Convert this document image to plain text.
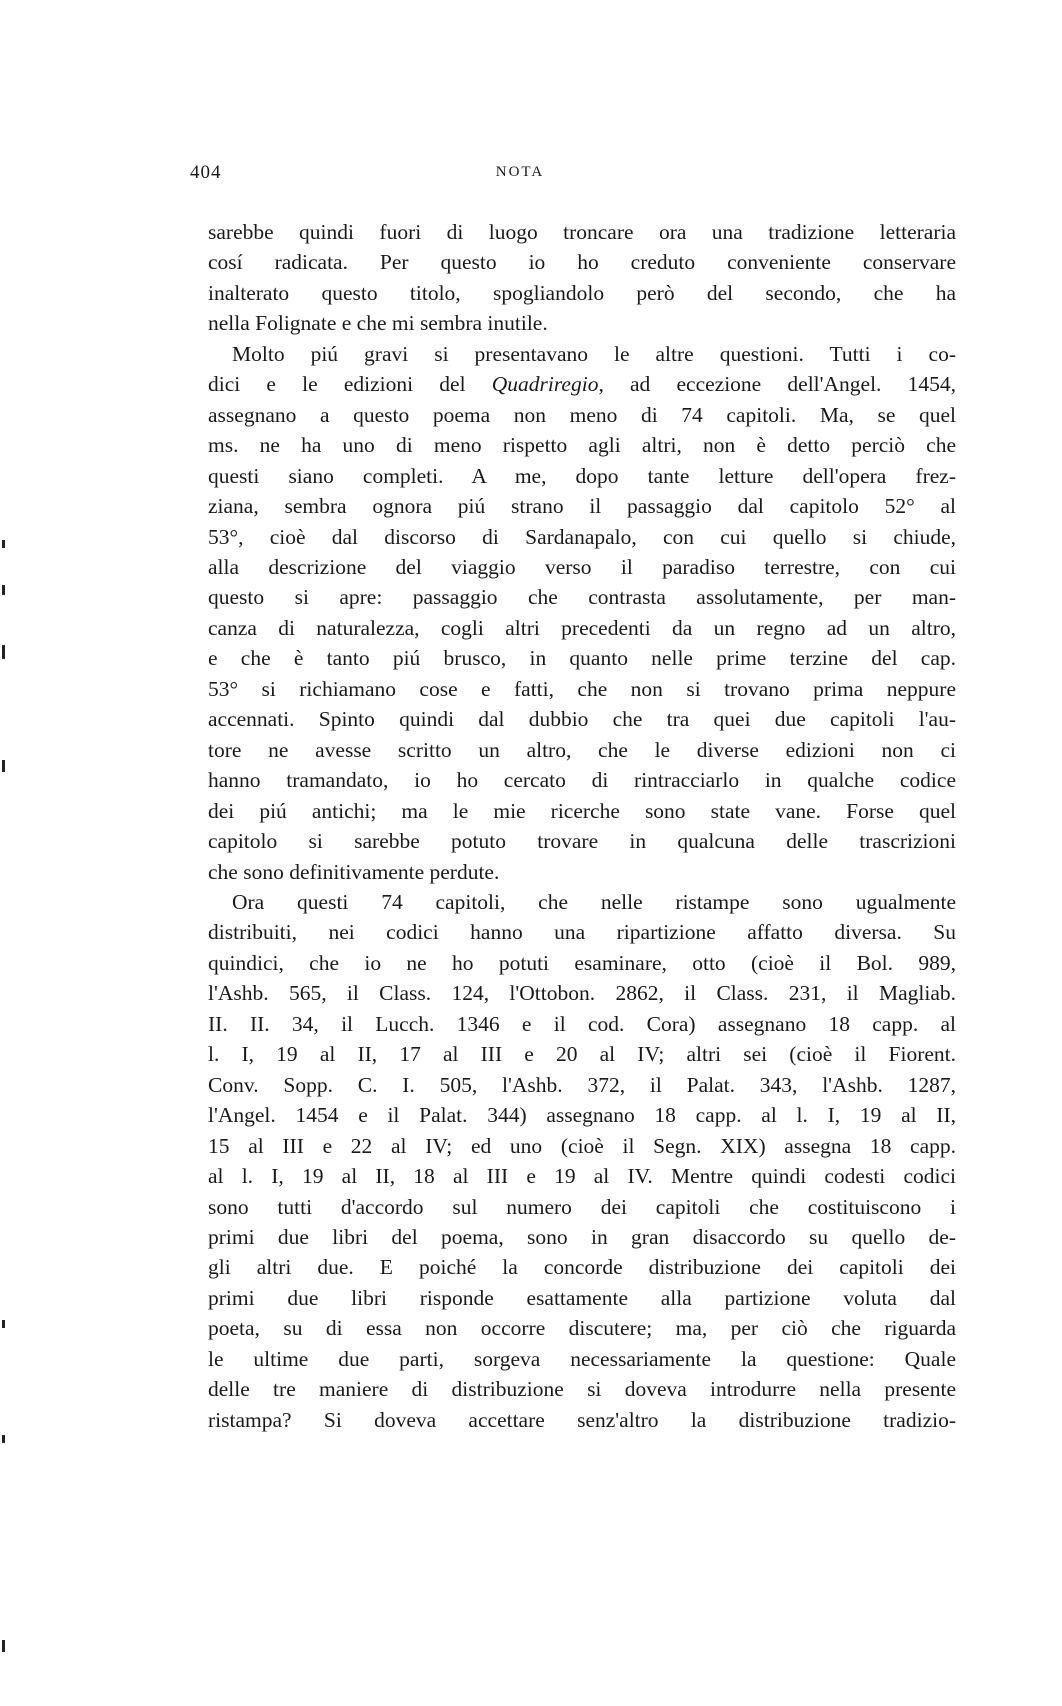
404	NOTA
sarebbe quindi fuori di luogo troncare ora una tradizione letteraria
cosí radicata. Per questo io ho creduto conveniente conservare
inalterato questo titolo, spogliandolo però del secondo, che ha
nella Folignate e che mi sembra inutile.
Molto piú gravi si presentavano le altre questioni. Tutti i co-
dici e le edizioni del Quadriregio, ad eccezione dell'Angel. 1454,
assegnano a questo poema non meno di 74 capitoli. Ma, se quel
ms. ne ha uno di meno rispetto agli altri, non è detto perciò che
questi siano completi. A me, dopo tante letture dell'opera frez-
ziana, sembra ognora piú strano il passaggio dal capitolo 52° al
53°, cioè dal discorso di Sardanapalo, con cui quello si chiude,
alla descrizione del viaggio verso il paradiso terrestre, con cui
questo si apre: passaggio che contrasta assolutamente, per man-
canza di naturalezza, cogli altri precedenti da un regno ad un altro,
e che è tanto piú brusco, in quanto nelle prime terzine del cap.
53° si richiamano cose e fatti, che non si trovano prima neppure
accennati. Spinto quindi dal dubbio che tra quei due capitoli l'au-
tore ne avesse scritto un altro, che le diverse edizioni non ci
hanno tramandato, io ho cercato di rintracciarlo in qualche codice
dei piú antichi; ma le mie ricerche sono state vane. Forse quel
capitolo si sarebbe potuto trovare in qualcuna delle trascrizioni
che sono definitivamente perdute.
Ora questi 74 capitoli, che nelle ristampe sono ugualmente
distribuiti, nei codici hanno una ripartizione affatto diversa. Su
quindici, che io ne ho potuti esaminare, otto (cioè il Bol. 989,
l'Ashb. 565, il Class. 124, l'Ottobon. 2862, il Class. 231, il Magliab.
II. II. 34, il Lucch. 1346 e il cod. Cora) assegnano 18 capp. al
l. I, 19 al II, 17 al III e 20 al IV; altri sei (cioè il Fiorent.
Conv. Sopp. C. I. 505, l'Ashb. 372, il Palat. 343, l'Ashb. 1287,
l'Angel. 1454 e il Palat. 344) assegnano 18 capp. al l. I, 19 al II,
15 al III e 22 al IV; ed uno (cioè il Segn. XIX) assegna 18 capp.
al l. I, 19 al II, 18 al III e 19 al IV. Mentre quindi codesti codici
sono tutti d'accordo sul numero dei capitoli che costituiscono i
primi due libri del poema, sono in gran disaccordo su quello de-
gli altri due. E poiché la concorde distribuzione dei capitoli dei
primi due libri risponde esattamente alla partizione voluta dal
poeta, su di essa non occorre discutere; ma, per ciò che riguarda
le ultime due parti, sorgeva necessariamente la questione: Quale
delle tre maniere di distribuzione si doveva introdurre nella presente
ristampa? Si doveva accettare senz'altro la distribuzione tradizio-
